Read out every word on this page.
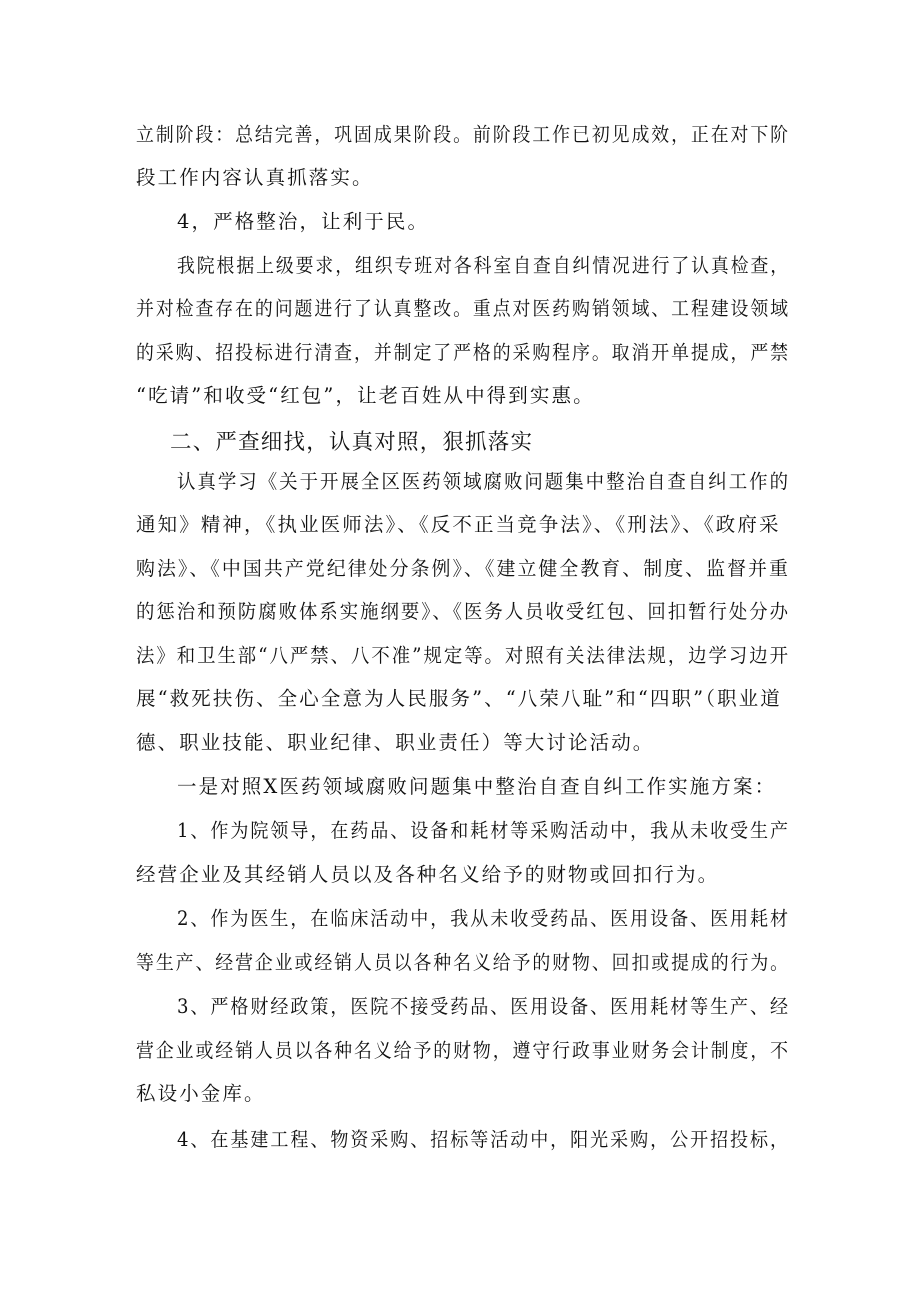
立制阶段：总结完善，巩固成果阶段。前阶段工作已初见成效，正在对下阶
段工作内容认真抓落实。
4，严格整治，让利于民。
我院根据上级要求，组织专班对各科室自查自纠情况进行了认真检查，
并对检查存在的问题进行了认真整改。重点对医药购销领域、工程建设领域
的采购、招投标进行清查，并制定了严格的采购程序。取消开单提成，严禁
“吃请”和收受“红包”，让老百姓从中得到实惠。
二、严查细找，认真对照，狠抓落实
认真学习《关于开展全区医药领域腐败问题集中整治自查自纠工作的
通知》精神，《执业医师法》、《反不正当竞争法》、《刑法》、《政府采
购法》、《中国共产党纪律处分条例》、《建立健全教育、制度、监督并重
的惩治和预防腐败体系实施纲要》、《医务人员收受红包、回扣暂行处分办
法》和卫生部“八严禁、八不准”规定等。对照有关法律法规，边学习边开
展“救死扶伤、全心全意为人民服务”、“八荣八耻”和“四职”（职业道
德、职业技能、职业纪律、职业责任）等大讨论活动。
一是对照X医药领域腐败问题集中整治自查自纠工作实施方案：
1、作为院领导，在药品、设备和耗材等采购活动中，我从未收受生产
经营企业及其经销人员以及各种名义给予的财物或回扣行为。
2、作为医生，在临床活动中，我从未收受药品、医用设备、医用耗材
等生产、经营企业或经销人员以各种名义给予的财物、回扣或提成的行为。
3、严格财经政策，医院不接受药品、医用设备、医用耗材等生产、经
营企业或经销人员以各种名义给予的财物，遵守行政事业财务会计制度，不
私设小金库。
4、在基建工程、物资采购、招标等活动中，阳光采购，公开招投标，
